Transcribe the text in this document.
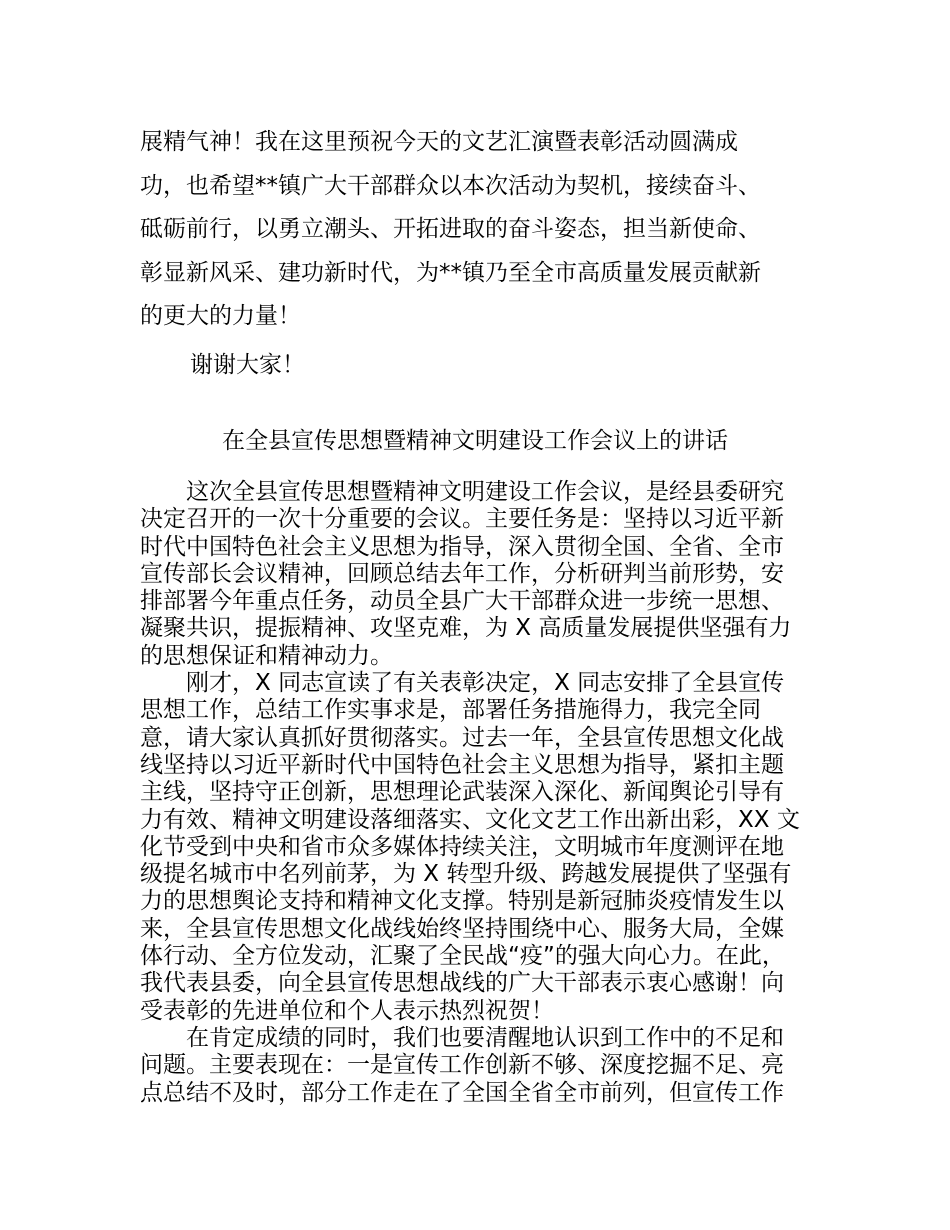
展精气神！我在这里预祝今天的文艺汇演暨表彰活动圆满成
功，也希望**镇广大干部群众以本次活动为契机，接续奋斗、
砥砺前行，以勇立潮头、开拓进取的奋斗姿态，担当新使命、
彰显新风采、建功新时代，为**镇乃至全市高质量发展贡献新
的更大的力量！
谢谢大家！
在全县宣传思想暨精神文明建设工作会议上的讲话
这次全县宣传思想暨精神文明建设工作会议，是经县委研究
决定召开的一次十分重要的会议。主要任务是：坚持以习近平新
时代中国特色社会主义思想为指导，深入贯彻全国、全省、全市
宣传部长会议精神，回顾总结去年工作，分析研判当前形势，安
排部署今年重点任务，动员全县广大干部群众进一步统一思想、
凝聚共识，提振精神、攻坚克难，为 X 高质量发展提供坚强有力
的思想保证和精神动力。
刚才，X 同志宣读了有关表彰决定，X 同志安排了全县宣传
思想工作，总结工作实事求是，部署任务措施得力，我完全同
意，请大家认真抓好贯彻落实。过去一年，全县宣传思想文化战
线坚持以习近平新时代中国特色社会主义思想为指导，紧扣主题
主线，坚持守正创新，思想理论武装深入深化、新闻舆论引导有
力有效、精神文明建设落细落实、文化文艺工作出新出彩，XX 文
化节受到中央和省市众多媒体持续关注，文明城市年度测评在地
级提名城市中名列前茅，为 X 转型升级、跨越发展提供了坚强有
力的思想舆论支持和精神文化支撑。特别是新冠肺炎疫情发生以
来，全县宣传思想文化战线始终坚持围绕中心、服务大局，全媒
体行动、全方位发动，汇聚了全民战“疫”的强大向心力。在此，
我代表县委，向全县宣传思想战线的广大干部表示衷心感谢！向
受表彰的先进单位和个人表示热烈祝贺！
在肯定成绩的同时，我们也要清醒地认识到工作中的不足和
问题。主要表现在：一是宣传工作创新不够、深度挖掘不足、亮
点总结不及时，部分工作走在了全国全省全市前列，但宣传工作
